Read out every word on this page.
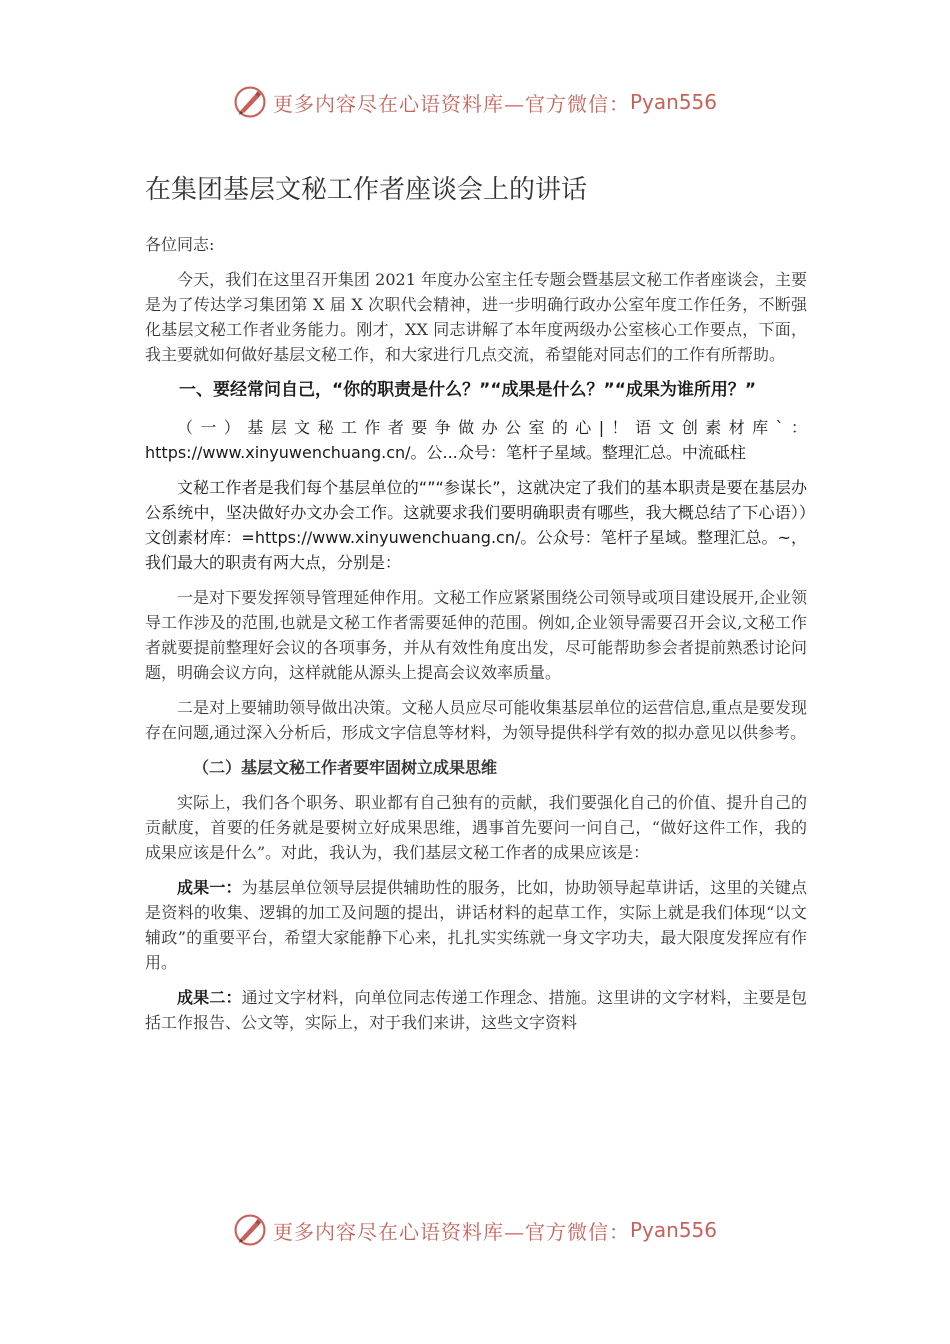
更多内容尽在心语资料库—官方微信： Pyan556
在集团基层文秘工作者座谈会上的讲话
各位同志:
今天，我们在这里召开集团 2021 年度办公室主任专题会暨基层文秘工作者座谈会，主要是为了传达学习集团第 X 届 X 次职代会精神，进一步明确行政办公室年度工作任务，不断强化基层文秘工作者业务能力。刚才，XX 同志讲解了本年度两级办公室核心工作要点，下面，我主要就如何做好基层文秘工作，和大家进行几点交流，希望能对同志们的工作有所帮助。
一、要经常问自己，“你的职责是什么？”“成果是什么？”“成果为谁所用？”
（一）基层文秘工作者要争做办公室的心|！语文创素材库`：https://www.xinyuwenchuang.cn/。公...众号：笔杆子星域。整理汇总。中流砥柱
文秘工作者是我们每个基层单位的“”“参谋长”，这就决定了我们的基本职责是要在基层办公系统中，坚决做好办文办会工作。这就要求我们要明确职责有哪些，我大概总结了下心语））文创素材库：=https://www.xinyuwenchuang.cn/。公众号：笔杆子星域。整理汇总。~，我们最大的职责有两大点，分别是：
一是对下要发挥领导管理延伸作用。文秘工作应紧紧围绕公司领导或项目建设展开,企业领导工作涉及的范围,也就是文秘工作者需要延伸的范围。例如,企业领导需要召开会议,文秘工作者就要提前整理好会议的各项事务，并从有效性角度出发，尽可能帮助参会者提前熟悉讨论问题，明确会议方向，这样就能从源头上提高会议效率质量。
二是对上要辅助领导做出决策。文秘人员应尽可能收集基层单位的运营信息,重点是要发现存在问题,通过深入分析后，形成文字信息等材料，为领导提供科学有效的拟办意见以供参考。
（二）基层文秘工作者要牢固树立成果思维
实际上，我们各个职务、职业都有自己独有的贡献，我们要强化自己的价值、提升自己的贡献度，首要的任务就是要树立好成果思维，遇事首先要问一问自己，“做好这件工作，我的成果应该是什么”。对此，我认为，我们基层文秘工作者的成果应该是：
成果一：为基层单位领导层提供辅助性的服务，比如，协助领导起草讲话，这里的关键点是资料的收集、逻辑的加工及问题的提出，讲话材料的起草工作，实际上就是我们体现“以文辅政”的重要平台，希望大家能静下心来，扎扎实实练就一身文字功夫，最大限度发挥应有作用。
成果二：通过文字材料，向单位同志传递工作理念、措施。这里讲的文字材料，主要是包括工作报告、公文等，实际上，对于我们来讲，这些文字资料
更多内容尽在心语资料库—官方微信： Pyan556
